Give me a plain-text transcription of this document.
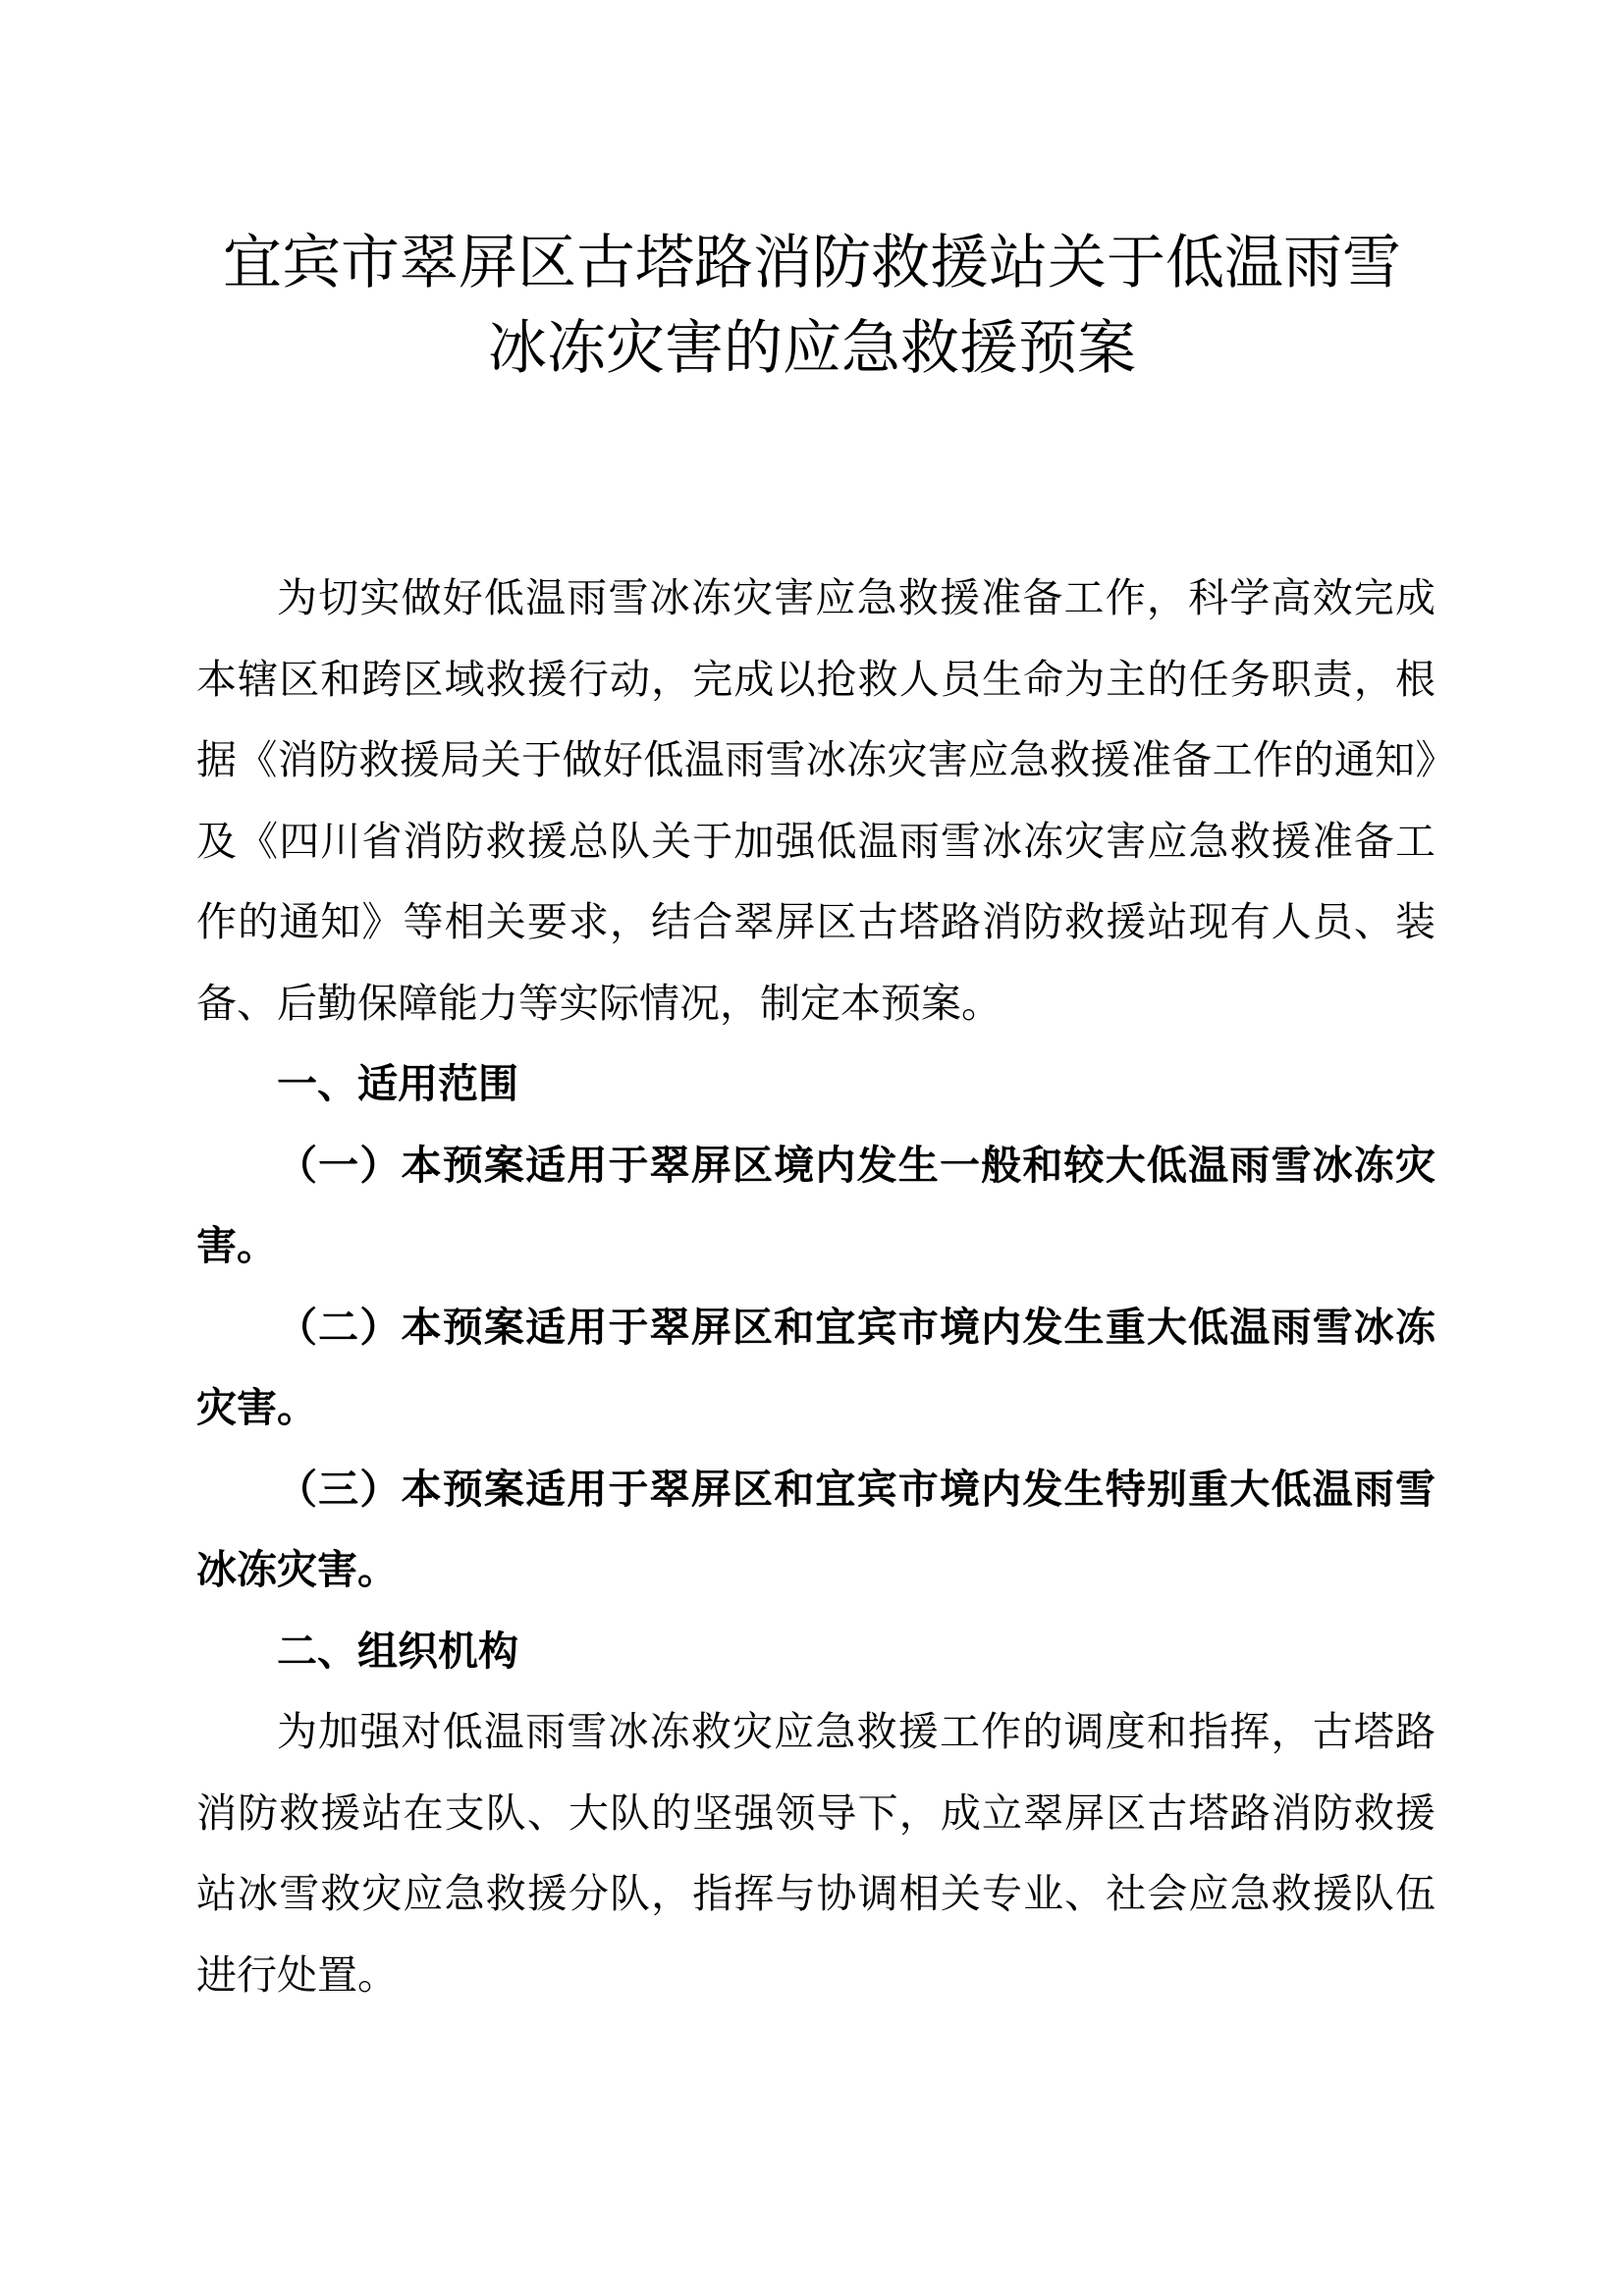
宜宾市翠屏区古塔路消防救援站关于低温雨雪
冰冻灾害的应急救援预案

为切实做好低温雨雪冰冻灾害应急救援准备工作，科学高效完成本辖区和跨区域救援行动，完成以抢救人员生命为主的任务职责，根据《消防救援局关于做好低温雨雪冰冻灾害应急救援准备工作的通知》及《四川省消防救援总队关于加强低温雨雪冰冻灾害应急救援准备工作的通知》等相关要求，结合翠屏区古塔路消防救援站现有人员、装备、后勤保障能力等实际情况，制定本预案。

一、适用范围

（一）本预案适用于翠屏区境内发生一般和较大低温雨雪冰冻灾害。

（二）本预案适用于翠屏区和宜宾市境内发生重大低温雨雪冰冻灾害。

（三）本预案适用于翠屏区和宜宾市境内发生特别重大低温雨雪冰冻灾害。

二、组织机构

为加强对低温雨雪冰冻救灾应急救援工作的调度和指挥，古塔路消防救援站在支队、大队的坚强领导下，成立翠屏区古塔路消防救援站冰雪救灾应急救援分队，指挥与协调相关专业、社会应急救援队伍进行处置。
